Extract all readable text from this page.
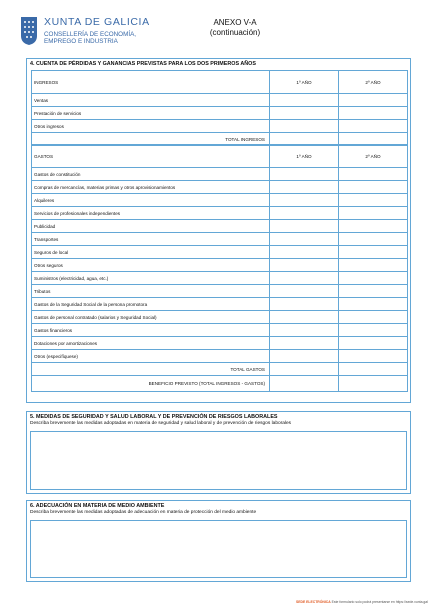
XUNTA DE GALICIA
CONSELLERÍA DE ECONOMÍA,
EMPREGO E INDUSTRIA
ANEXO V-A
(continuación)
4. CUENTA DE PÉRDIDAS Y GANANCIAS PREVISTAS PARA LOS DOS PRIMEROS AÑOS
INGRESOS	1º AÑO	2º AÑO
Ventas		
Prestación de servicios		
Otros ingresos		
TOTAL INGRESOS		
GASTOS	1º AÑO	2º AÑO
Gastos de constitución		
Compras de mercancías, materias primas y otros aprovisionamientos		
Alquileres		
Servicios de profesionales independientes		
Publicidad		
Transportes		
Seguros de local		
Otros seguros		
Suministros (electricidad, agua, etc.)		
Tributos		
Gastos de la Seguridad Social de la persona promotora		
Gastos de personal contratado (salarios y Seguridad Social)		
Gastos financieros		
Dotaciones por amortizaciones		
Otros (especifíquese)		
TOTAL GASTOS		
BENEFICIO PREVISTO (TOTAL INGRESOS - GASTOS)		
5. MEDIDAS DE SEGURIDAD Y SALUD LABORAL Y DE PREVENCIÓN DE RIESGOS LABORALES
Describa brevemente las medidas adoptadas en materia de seguridad y salud laboral y de prevención de riesgos laborales
6. ADECUACIÓN EN MATERIA DE MEDIO AMBIENTE
Describa brevemente las medidas adoptadas de adecuación en materia de protección del medio ambiente
SEDE ELECTRÓNICA Este formulario solo podrá presentarse en https://sede.xunta.gal
